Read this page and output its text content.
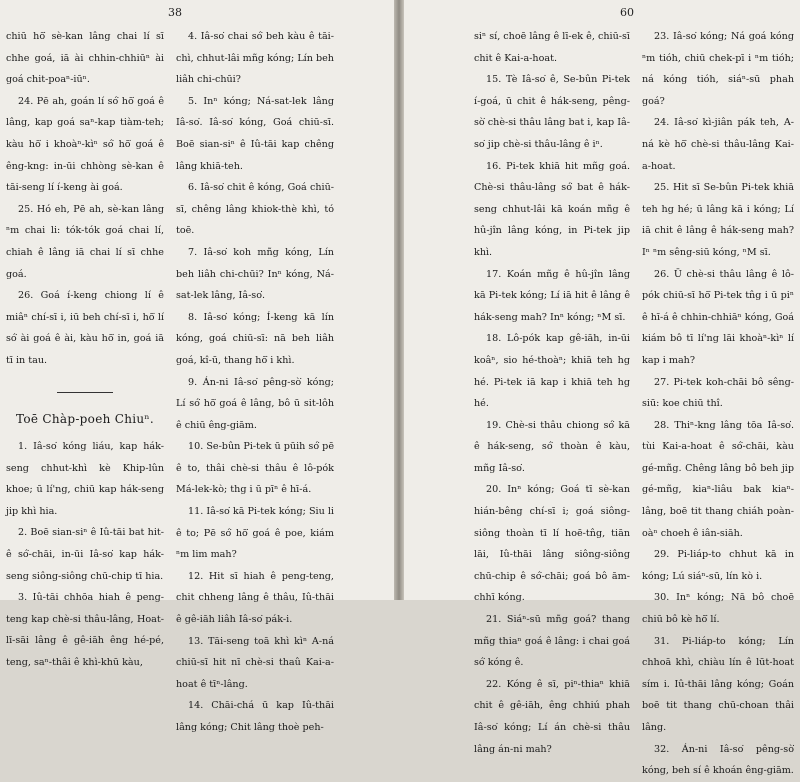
38

chiū hō͘ sè-kan lâng chai lí sī chhe goá, iā ài chhin-chhiūⁿ ài goá chit-poaⁿ-iūⁿ.

24. Pē ah, goán lí só͘ hō͘ goá ê lâng, kap goá saⁿ-kap tiàm-teh; kàu hō͘ i khoàⁿ-kìⁿ só͘ hō͘ goá ê êng-kng: in-ūi chhòng sè-kan ê tāi-seng lí í-keng ài goá.

25. Hó eh, Pē ah, sè-kan lâng ⁿm chai li: tók-tók goá chai lí, chiah ê lâng iā chai lí sī chhe goá.

26. Goá í-keng chiong lí ê miâⁿ chí-sī i, iū beh chí-sī i, hō͘ lí só͘ ài goá ê ài, kàu hō͘ in, goá iā tī in tau.

Toē Chàp-poeh Chiuⁿ.

1. Iâ-so͘ kóng liáu, kap hák-seng chhut-khì kè Khip-lûn khoe; ū lí'ng, chiū kap hák-seng jip khì hia.

2. Boē sian-siⁿ ê Iû-tāi bat hit-ê só͘-chāi, in-ūi Iâ-so͘ kap hák-seng siông-siông chū-chip tī hia.

3. Iû-tāi chhōa hiah ê peng-teng kap chè-si thâu-lâng, Hoat-lī-sāi lâng ê gê-iāh êng hé-pé, teng, saⁿ-thâi ê khì-khū kàu,

4. Iâ-so͘ chai só͘ beh kàu ê tāi-chì, chhut-lâi mñg kóng; Lín beh liâh chi-chūi?

5. Inⁿ kóng; Ná-sat-lek lâng Iâ-so͘. Iâ-so͘ kóng, Goá chiū-sī. Boē sian-siⁿ ê Iû-tāi kap chêng lâng khiā-teh.

6. Iâ-so͘ chit ê kóng, Goá chiū-sī, chêng lâng khiok-thè khì, tó toē.

7. Iâ-so͘ koh mñg kóng, Lín beh liâh chi-chūi? Inⁿ kóng, Ná-sat-lek lâng, Iâ-so͘.

8. Iâ-so͘ kóng; Í-keng kā lín kóng, goá chiū-sī: nā beh liâh goá, kî-ū, thang hō͘ i khì.

9. Án-ni Iâ-so͘ pêng-sò͘ kóng; Lí só͘ hō͘ goá ê lâng, bô ū sit-lôh ê chiū êng-giām.

10. Se-bûn Pi-tek ū pūih só͘ pē ê to, thâi chè-si thâu ê lô-pók Má-lek-kò; thg i ū pīⁿ ê hī-á.

11. Iâ-so͘ kā Pi-tek kóng; Siu li ê to; Pē só͘ hō͘ goá ê poe, kiám ⁿm lim mah?

12. Hit sī hiah ê peng-teng, chit chheng lâng ê thâu, Iû-thāi ê gê-iāh liâh Iâ-so͘ pák-i.

13. Tāi-seng toā khì kìⁿ A-ná chiū-sī hit nī chè-si thaû Kai-a-hoat ê tīⁿ-lâng.

14. Chāi-chá ū kap Iû-thāi lâng kóng; Chit lâng thoè peh-

60

siⁿ sí, choē lâng ê lī-ek ê, chiū-sī chit ê Kai-a-hoat.

15. Tè Iâ-so͘ ê, Se-bûn Pi-tek í-goá, ū chit ê hák-seng, pêng-sò͘ chè-si thâu lâng bat i, kap Iâ-so͘ jip chè-si thâu-lâng ê iⁿ.

16. Pi-tek khiā hit mñg goá. Chè-si thâu-lâng só͘ bat ê hák-seng chhut-lâi kā koán mñg ê hû-jîn lâng kóng, in Pi-tek jip khì.

17. Koán mñg ê hû-jîn lâng kā Pi-tek kóng; Lí iā hit ê lâng ê hák-seng mah? Inⁿ kóng; ⁿM sī.

18. Lô-pók kap gê-iāh, in-ūi koâⁿ, sio hé-thoàⁿ; khiā teh hg hé. Pi-tek iā kap i khiā teh hg hé.

19. Chè-si thâu chiong só͘ kā ê hák-seng, só͘ thoàn ê kàu, mñg Iâ-so͘.

20. Inⁿ kóng; Goá tī sè-kan hián-bêng chí-sī i; goá siông-siông thoàn tī lí hoē-tn̂g, tiān lāi, Iû-thāi lâng siông-siông chū-chip ê só͘-chāi; goá bô ām-chhī kóng.

21. Siáⁿ-sū mñg goá? thang mñg thiaⁿ goá ê lâng: i chai goá só͘ kóng ê.

22. Kóng ê sī, piⁿ-thiaⁿ khiā chit ê gê-iāh, êng chhiú phah Iâ-so͘ kóng; Lí án chè-si thâu lâng án-ni mah?

23. Iâ-so͘ kóng; Ná goá kóng ⁿm tióh, chiū chek-pī i ⁿm tióh; ná kóng tióh, siáⁿ-sū phah goá?

24. Iâ-so͘ kì-jiân pák teh, A-ná kè hō͘ chè-si thâu-lâng Kai-a-hoat.

25. Hit sī Se-bûn Pi-tek khiā teh hg hé; ū lâng kā i kóng; Lí iā chit ê lâng ê hák-seng mah? Iⁿ ⁿm sêng-siū kóng, ⁿM sī.

26. Ū chè-si thâu lâng ê lô-pók chiū-sī hō͘ Pi-tek tn̂g i ū piⁿ ê hī-á ê chhin-chhiāⁿ kóng, Goá kiám bô tī lí'ng lāi khoàⁿ-kìⁿ lí kap i mah?

27. Pi-tek koh-chāi bô sêng-siū: koe chiū thî.

28. Thiⁿ-kng lâng tōa Iâ-so͘. tùi Kai-a-hoat ê só͘-chāi, kàu gé-mñg. Chêng lâng bô beh jip gé-mñg, kiaⁿ-liâu bak kiaⁿ-lâng, boē tit thang chiáh poàn-oàⁿ choeh ê iân-siāh.

29. Pi-liáp-to chhut kā in kóng; Lú siáⁿ-sū, lín kò i.

30. Inⁿ kóng; Nā bô choē chiū bô kè hō͘ lí.

31. Pi-liáp-to kóng; Lín chhoā khì, chiàu lín ê lūt-hoat sím i. Iû-thāi lâng kóng; Goán boē tit thang chū-choan thâi lâng.

32. Án-ni Iâ-so͘ pêng-sò͘ kóng, beh sí ê khoán êng-giām.
